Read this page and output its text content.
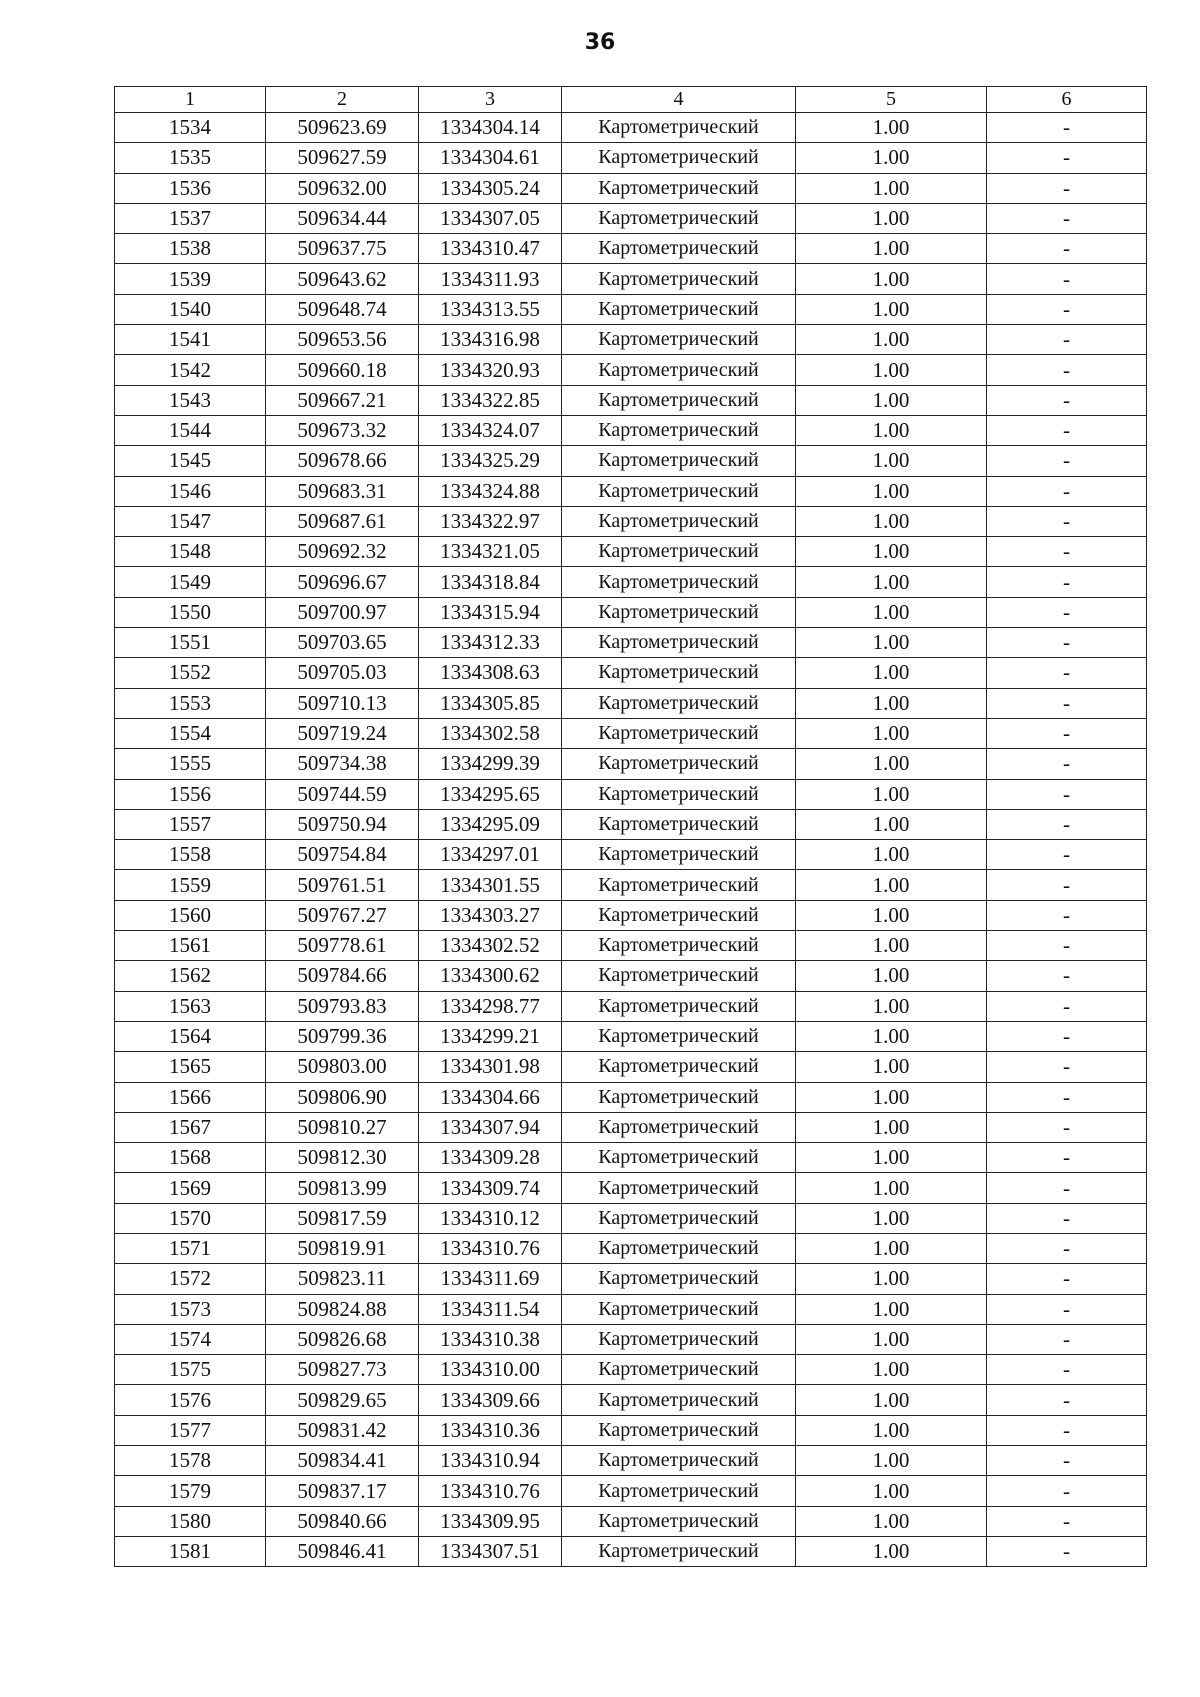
36
1	2	3	4	5	6
1534	509623.69	1334304.14	Картометрический	1.00	-
1535	509627.59	1334304.61	Картометрический	1.00	-
1536	509632.00	1334305.24	Картометрический	1.00	-
1537	509634.44	1334307.05	Картометрический	1.00	-
1538	509637.75	1334310.47	Картометрический	1.00	-
1539	509643.62	1334311.93	Картометрический	1.00	-
1540	509648.74	1334313.55	Картометрический	1.00	-
1541	509653.56	1334316.98	Картометрический	1.00	-
1542	509660.18	1334320.93	Картометрический	1.00	-
1543	509667.21	1334322.85	Картометрический	1.00	-
1544	509673.32	1334324.07	Картометрический	1.00	-
1545	509678.66	1334325.29	Картометрический	1.00	-
1546	509683.31	1334324.88	Картометрический	1.00	-
1547	509687.61	1334322.97	Картометрический	1.00	-
1548	509692.32	1334321.05	Картометрический	1.00	-
1549	509696.67	1334318.84	Картометрический	1.00	-
1550	509700.97	1334315.94	Картометрический	1.00	-
1551	509703.65	1334312.33	Картометрический	1.00	-
1552	509705.03	1334308.63	Картометрический	1.00	-
1553	509710.13	1334305.85	Картометрический	1.00	-
1554	509719.24	1334302.58	Картометрический	1.00	-
1555	509734.38	1334299.39	Картометрический	1.00	-
1556	509744.59	1334295.65	Картометрический	1.00	-
1557	509750.94	1334295.09	Картометрический	1.00	-
1558	509754.84	1334297.01	Картометрический	1.00	-
1559	509761.51	1334301.55	Картометрический	1.00	-
1560	509767.27	1334303.27	Картометрический	1.00	-
1561	509778.61	1334302.52	Картометрический	1.00	-
1562	509784.66	1334300.62	Картометрический	1.00	-
1563	509793.83	1334298.77	Картометрический	1.00	-
1564	509799.36	1334299.21	Картометрический	1.00	-
1565	509803.00	1334301.98	Картометрический	1.00	-
1566	509806.90	1334304.66	Картометрический	1.00	-
1567	509810.27	1334307.94	Картометрический	1.00	-
1568	509812.30	1334309.28	Картометрический	1.00	-
1569	509813.99	1334309.74	Картометрический	1.00	-
1570	509817.59	1334310.12	Картометрический	1.00	-
1571	509819.91	1334310.76	Картометрический	1.00	-
1572	509823.11	1334311.69	Картометрический	1.00	-
1573	509824.88	1334311.54	Картометрический	1.00	-
1574	509826.68	1334310.38	Картометрический	1.00	-
1575	509827.73	1334310.00	Картометрический	1.00	-
1576	509829.65	1334309.66	Картометрический	1.00	-
1577	509831.42	1334310.36	Картометрический	1.00	-
1578	509834.41	1334310.94	Картометрический	1.00	-
1579	509837.17	1334310.76	Картометрический	1.00	-
1580	509840.66	1334309.95	Картометрический	1.00	-
1581	509846.41	1334307.51	Картометрический	1.00	-
